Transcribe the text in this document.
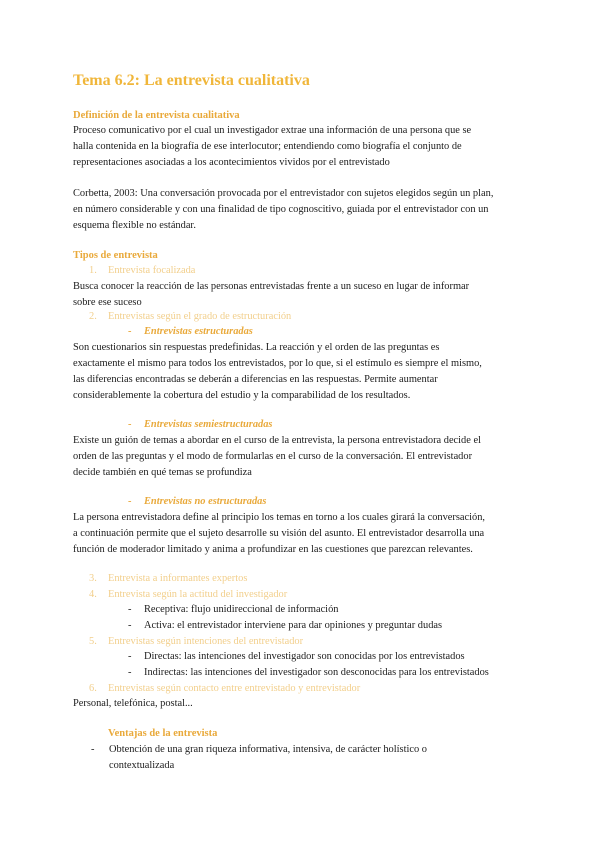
Tema 6.2: La entrevista cualitativa
Definición de la entrevista cualitativa
Proceso comunicativo por el cual un investigador extrae una información de una persona que se
halla contenida en la biografía de ese interlocutor; entendiendo como biografía el conjunto de
representaciones asociadas a los acontecimientos vividos por el entrevistado
Corbetta, 2003: Una conversación provocada por el entrevistador con sujetos elegidos según un plan,
en número considerable y con una finalidad de tipo cognoscitivo, guiada por el entrevistador con un
esquema flexible no estándar.
Tipos de entrevista
1. Entrevista focalizada
Busca conocer la reacción de las personas entrevistadas frente a un suceso en lugar de informar
sobre ese suceso
2. Entrevistas según el grado de estructuración
- Entrevistas estructuradas
Son cuestionarios sin respuestas predefinidas. La reacción y el orden de las preguntas es
exactamente el mismo para todos los entrevistados, por lo que, si el estímulo es siempre el mismo,
las diferencias encontradas se deberán a diferencias en las respuestas. Permite aumentar
considerablemente la cobertura del estudio y la comparabilidad de los resultados.
- Entrevistas semiestructuradas
Existe un guión de temas a abordar en el curso de la entrevista, la persona entrevistadora decide el
orden de las preguntas y el modo de formularlas en el curso de la conversación. El entrevistador
decide también en qué temas se profundiza
- Entrevistas no estructuradas
La persona entrevistadora define al principio los temas en torno a los cuales girará la conversación,
a continuación permite que el sujeto desarrolle su visión del asunto. El entrevistador desarrolla una
función de moderador limitado y anima a profundizar en las cuestiones que parezcan relevantes.
3. Entrevista a informantes expertos
4. Entrevista según la actitud del investigador
- Receptiva: flujo unidireccional de información
- Activa: el entrevistador interviene para dar opiniones y preguntar dudas
5. Entrevistas según intenciones del entrevistador
- Directas: las intenciones del investigador son conocidas por los entrevistados
- Indirectas: las intenciones del investigador son desconocidas para los entrevistados
6. Entrevistas según contacto entre entrevistado y entrevistador
Personal, telefónica, postal...
Ventajas de la entrevista
-	Obtención de una gran riqueza informativa, intensiva, de carácter holístico o
contextualizada
